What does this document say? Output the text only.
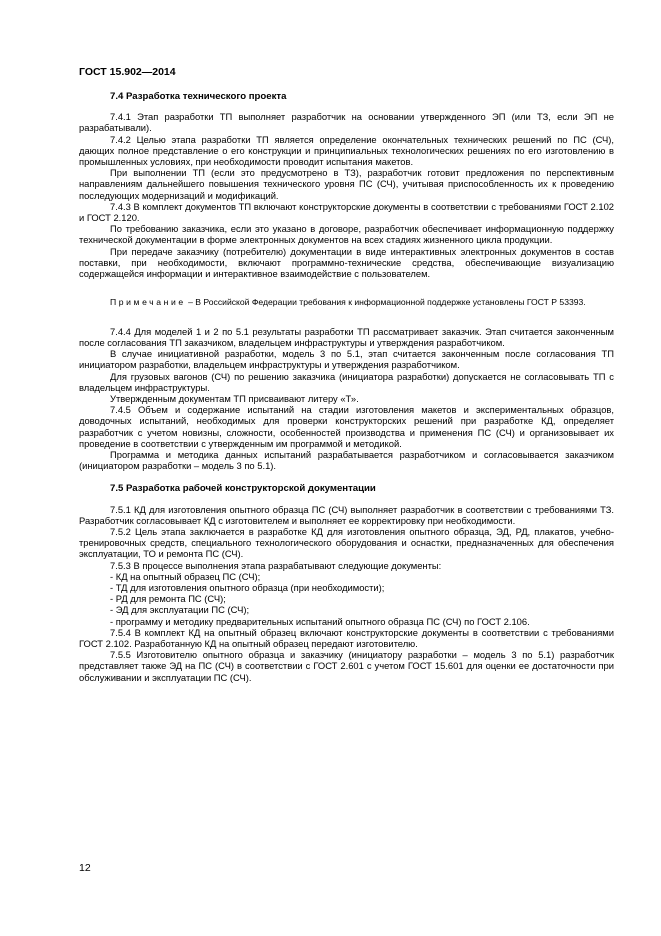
ГОСТ 15.902—2014
7.4 Разработка технического проекта

7.4.1 Этап разработки ТП выполняет разработчик на основании утвержденного ЭП (или ТЗ, если ЭП не разрабатывали).

7.4.2 Целью этапа разработки ТП является определение окончательных технических решений по ПС (СЧ), дающих полное представление о его конструкции и принципиальных технологических решениях по его изготовлению в промышленных условиях, при необходимости проводит испытания макетов.

При выполнении ТП (если это предусмотрено в ТЗ), разработчик готовит предложения по перспективным направлениям дальнейшего повышения технического уровня ПС (СЧ), учитывая приспособленность их к проведению последующих модернизаций и модификаций.

7.4.3 В комплект документов ТП включают конструкторские документы в соответствии с требованиями ГОСТ 2.102 и ГОСТ 2.120.

По требованию заказчика, если это указано в договоре, разработчик обеспечивает информационную поддержку технической документации в форме электронных документов на всех стадиях жизненного цикла продукции.

При передаче заказчику (потребителю) документации в виде интерактивных электронных документов в состав поставки, при необходимости, включают программно-технические средства, обеспечивающие визуализацию содержащейся информации и интерактивное взаимодействие с пользователем.

Примечание – В Российской Федерации требования к информационной поддержке установлены ГОСТ Р 53393.

7.4.4 Для моделей 1 и 2 по 5.1 результаты разработки ТП рассматривает заказчик. Этап считается законченным после согласования ТП заказчиком, владельцем инфраструктуры и утверждения разработчиком.

В случае инициативной разработки, модель 3 по 5.1, этап считается законченным после согласования ТП инициатором разработки, владельцем инфраструктуры и утверждения разработчиком.

Для грузовых вагонов (СЧ) по решению заказчика (инициатора разработки) допускается не согласовывать ТП с владельцем инфраструктуры.

Утвержденным документам ТП присваивают литеру «Т».

7.4.5 Объем и содержание испытаний на стадии изготовления макетов и экспериментальных образцов, доводочных испытаний, необходимых для проверки конструкторских решений при разработке КД, определяет разработчик с учетом новизны, сложности, особенностей производства и применения ПС (СЧ) и организовывает их проведение в соответствии с утвержденным им программой и методикой.

Программа и методика данных испытаний разрабатывается разработчиком и согласовывается заказчиком (инициатором разработки – модель 3 по 5.1).

7.5 Разработка рабочей конструкторской документации

7.5.1 КД для изготовления опытного образца ПС (СЧ) выполняет разработчик в соответствии с требованиями ТЗ. Разработчик согласовывает КД с изготовителем и выполняет ее корректировку при необходимости.

7.5.2 Цель этапа заключается в разработке КД для изготовления опытного образца, ЭД, РД, плакатов, учебно-тренировочных средств, специального технологического оборудования и оснастки, предназначенных для обеспечения эксплуатации, ТО и ремонта ПС (СЧ).

7.5.3 В процессе выполнения этапа разрабатывают следующие документы:

- КД на опытный образец ПС (СЧ);

- ТД для изготовления опытного образца (при необходимости);

- РД для ремонта ПС (СЧ);

- ЭД для эксплуатации ПС (СЧ);

- программу и методику предварительных испытаний опытного образца ПС (СЧ) по ГОСТ 2.106.

7.5.4 В комплект КД на опытный образец включают конструкторские документы в соответствии с требованиями ГОСТ 2.102. Разработанную КД на опытный образец передают изготовителю.

7.5.5 Изготовителю опытного образца и заказчику (инициатору разработки – модель 3 по 5.1) разработчик представляет также ЭД на ПС (СЧ) в соответствии с ГОСТ 2.601 с учетом ГОСТ 15.601 для оценки ее достаточности при обслуживании и эксплуатации ПС (СЧ).

12
